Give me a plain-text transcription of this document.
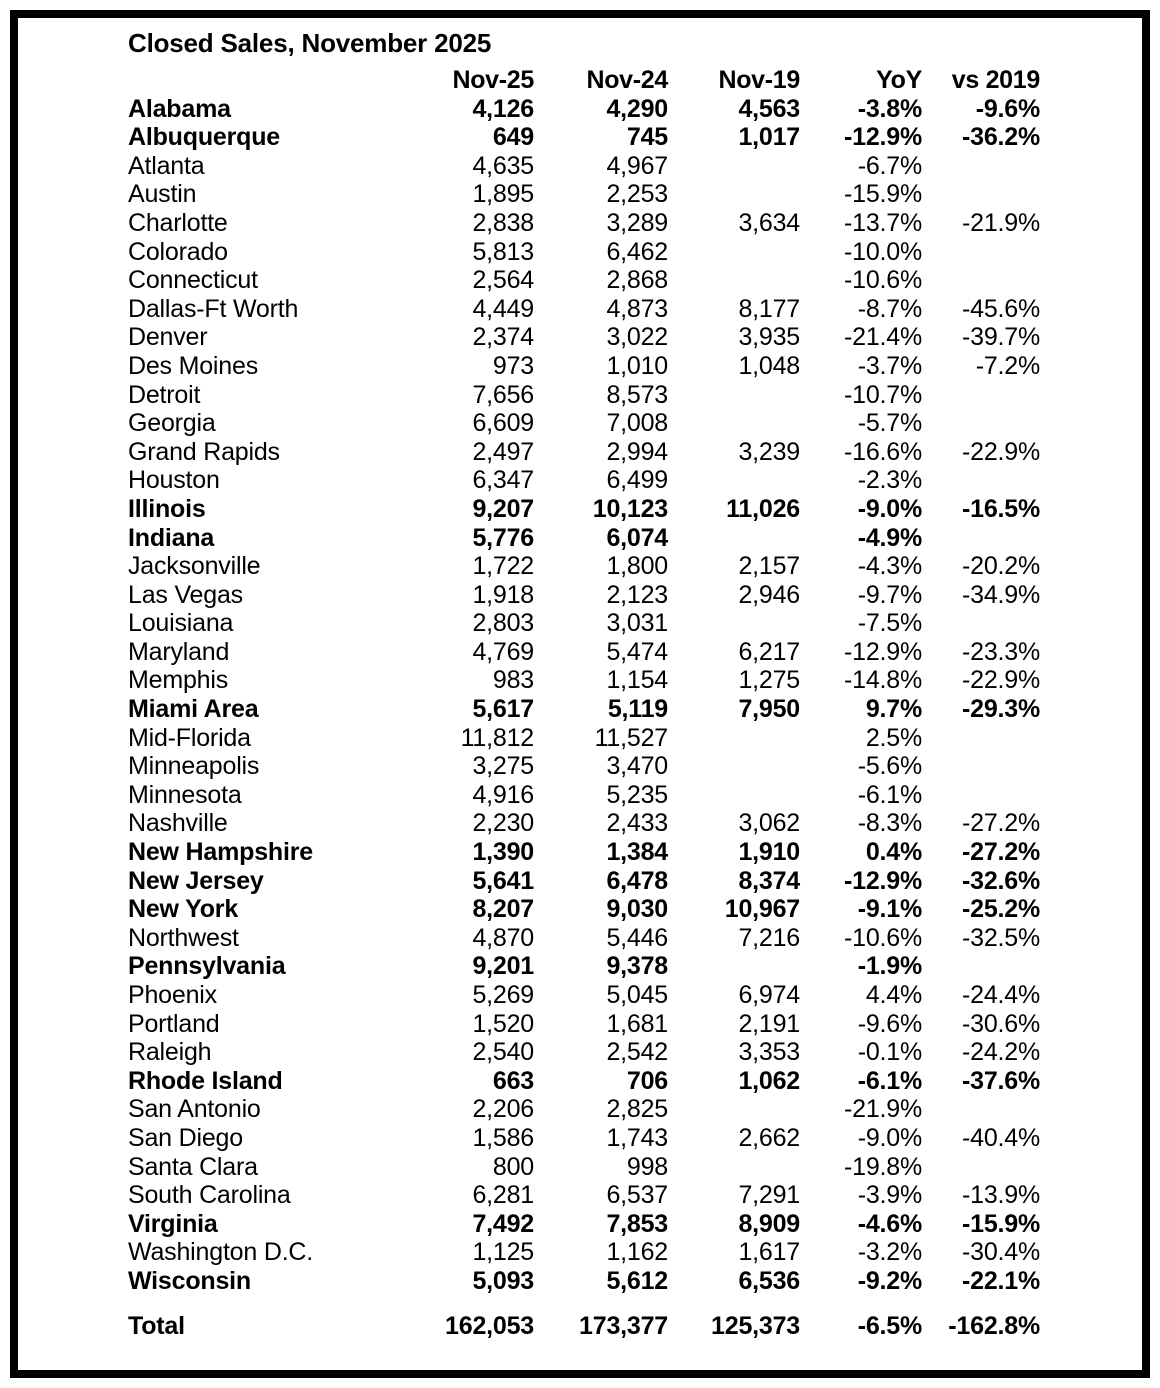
Closed Sales, November 2025
	Nov-25	Nov-24	Nov-19	YoY	vs 2019
Alabama	4,126	4,290	4,563	-3.8%	-9.6%
Albuquerque	649	745	1,017	-12.9%	-36.2%
Atlanta	4,635	4,967		-6.7%	
Austin	1,895	2,253		-15.9%	
Charlotte	2,838	3,289	3,634	-13.7%	-21.9%
Colorado	5,813	6,462		-10.0%	
Connecticut	2,564	2,868		-10.6%	
Dallas-Ft Worth	4,449	4,873	8,177	-8.7%	-45.6%
Denver	2,374	3,022	3,935	-21.4%	-39.7%
Des Moines	973	1,010	1,048	-3.7%	-7.2%
Detroit	7,656	8,573		-10.7%	
Georgia	6,609	7,008		-5.7%	
Grand Rapids	2,497	2,994	3,239	-16.6%	-22.9%
Houston	6,347	6,499		-2.3%	
Illinois	9,207	10,123	11,026	-9.0%	-16.5%
Indiana	5,776	6,074		-4.9%	
Jacksonville	1,722	1,800	2,157	-4.3%	-20.2%
Las Vegas	1,918	2,123	2,946	-9.7%	-34.9%
Louisiana	2,803	3,031		-7.5%	
Maryland	4,769	5,474	6,217	-12.9%	-23.3%
Memphis	983	1,154	1,275	-14.8%	-22.9%
Miami Area	5,617	5,119	7,950	9.7%	-29.3%
Mid-Florida	11,812	11,527		2.5%	
Minneapolis	3,275	3,470		-5.6%	
Minnesota	4,916	5,235		-6.1%	
Nashville	2,230	2,433	3,062	-8.3%	-27.2%
New Hampshire	1,390	1,384	1,910	0.4%	-27.2%
New Jersey	5,641	6,478	8,374	-12.9%	-32.6%
New York	8,207	9,030	10,967	-9.1%	-25.2%
Northwest	4,870	5,446	7,216	-10.6%	-32.5%
Pennsylvania	9,201	9,378		-1.9%	
Phoenix	5,269	5,045	6,974	4.4%	-24.4%
Portland	1,520	1,681	2,191	-9.6%	-30.6%
Raleigh	2,540	2,542	3,353	-0.1%	-24.2%
Rhode Island	663	706	1,062	-6.1%	-37.6%
San Antonio	2,206	2,825		-21.9%	
San Diego	1,586	1,743	2,662	-9.0%	-40.4%
Santa Clara	800	998		-19.8%	
South Carolina	6,281	6,537	7,291	-3.9%	-13.9%
Virginia	7,492	7,853	8,909	-4.6%	-15.9%
Washington D.C.	1,125	1,162	1,617	-3.2%	-30.4%
Wisconsin	5,093	5,612	6,536	-9.2%	-22.1%

Total	162,053	173,377	125,373	-6.5%	-162.8%
